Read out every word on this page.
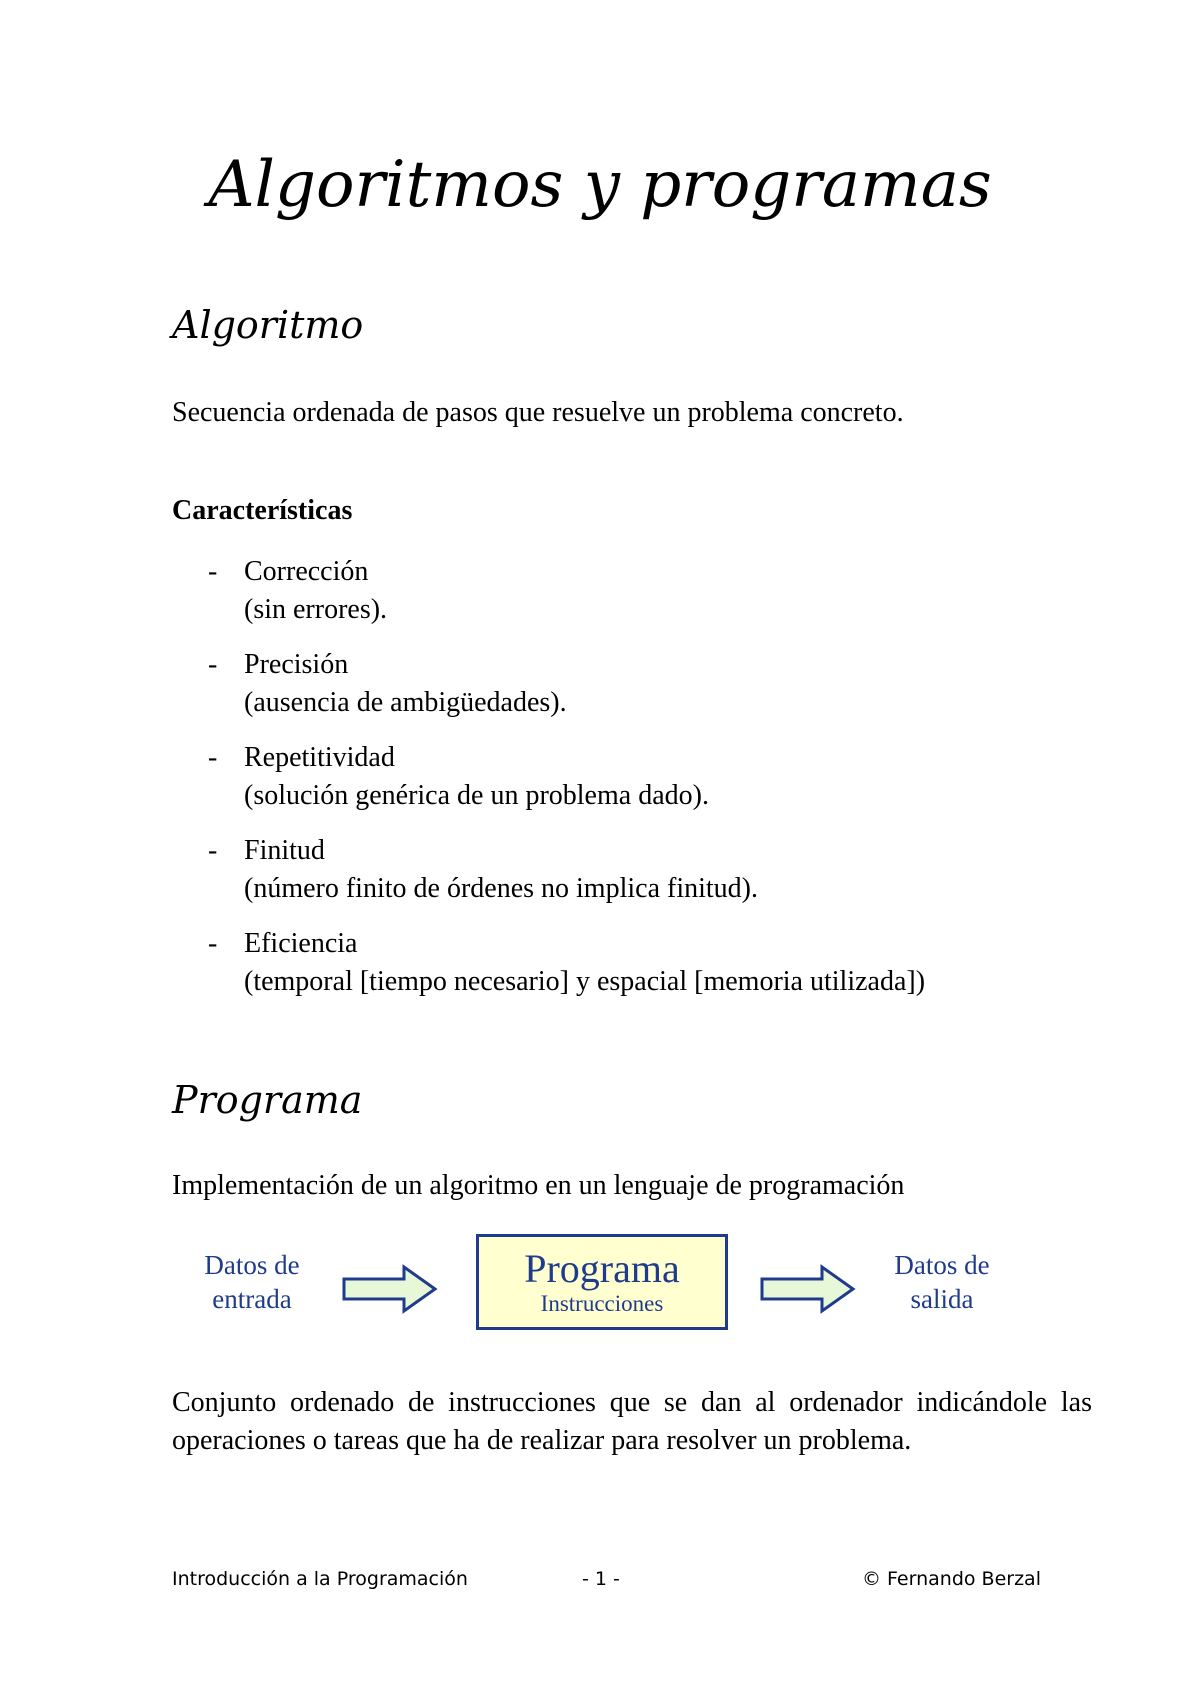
Algoritmos y programas
Algoritmo
Secuencia ordenada de pasos que resuelve un problema concreto.
Características
- Corrección
(sin errores).
- Precisión
(ausencia de ambigüedades).
- Repetitividad
(solución genérica de un problema dado).
- Finitud
(número finito de órdenes no implica finitud).
- Eficiencia
(temporal [tiempo necesario] y espacial [memoria utilizada])
Programa
Implementación de un algoritmo en un lenguaje de programación
Datos de
entrada
Programa
Instrucciones
Datos de
salida
Conjunto ordenado de instrucciones que se dan al ordenador indicándole las operaciones o tareas que ha de realizar para resolver un problema.
Introducción a la Programación	- 1 -	© Fernando Berzal
